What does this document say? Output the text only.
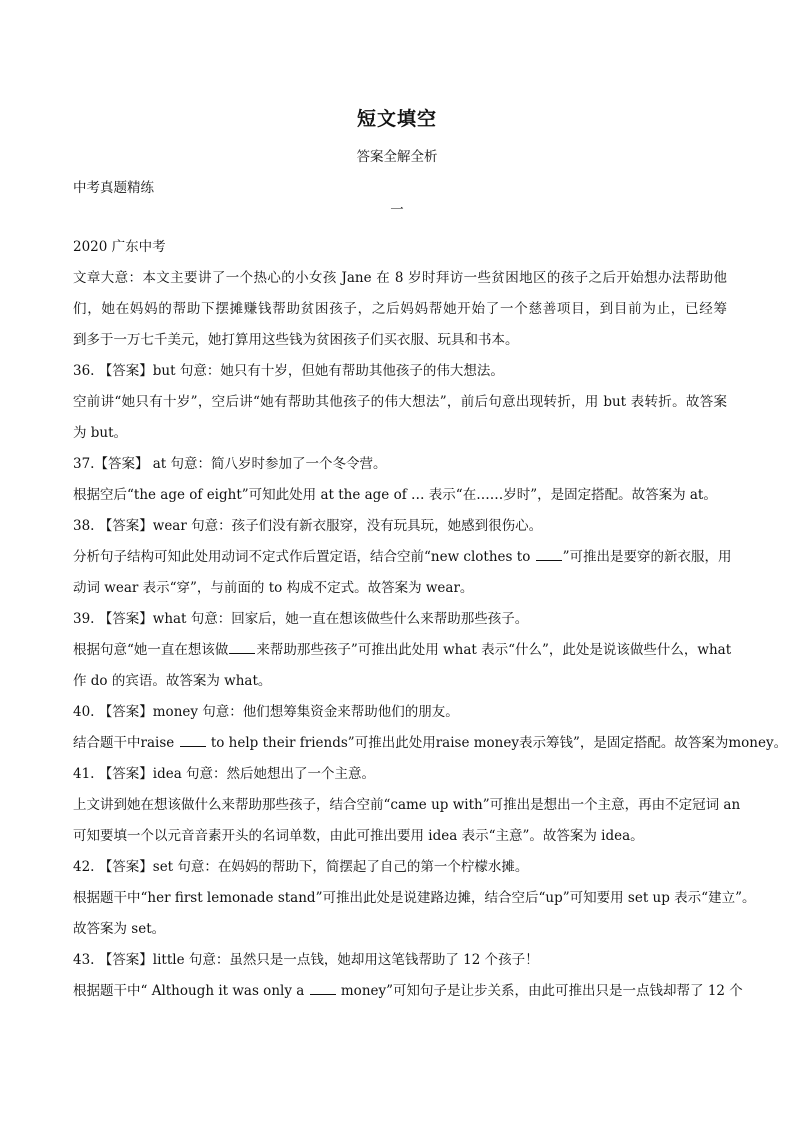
短文填空
答案全解全析
中考真题精练
一
2020 广东中考
文章大意：本文主要讲了一个热心的小女孩 Jane 在 8 岁时拜访一些贫困地区的孩子之后开始想办法帮助他
们，她在妈妈的帮助下摆摊赚钱帮助贫困孩子，之后妈妈帮她开始了一个慈善项目，到目前为止，已经筹
到多于一万七千美元，她打算用这些钱为贫困孩子们买衣服、玩具和书本。
36. 【答案】but 句意：她只有十岁，但她有帮助其他孩子的伟大想法。
空前讲“她只有十岁”，空后讲“她有帮助其他孩子的伟大想法”，前后句意出现转折，用 but 表转折。故答案
为 but。
37.【答案】 at 句意：简八岁时参加了一个冬令营。
根据空后“the age of eight”可知此处用 at the age of … 表示“在……岁时”，是固定搭配。故答案为 at。
38. 【答案】wear 句意：孩子们没有新衣服穿，没有玩具玩，她感到很伤心。
分析句子结构可知此处用动词不定式作后置定语，结合空前“new clothes to ”可推出是要穿的新衣服，用
动词 wear 表示“穿”，与前面的 to 构成不定式。故答案为 wear。
39. 【答案】what 句意：回家后，她一直在想该做些什么来帮助那些孩子。
根据句意“她一直在想该做 来帮助那些孩子”可推出此处用 what 表示“什么”，此处是说该做些什么，what
作 do 的宾语。故答案为 what。
40. 【答案】money 句意：他们想筹集资金来帮助他们的朋友。
结合题干中raise  to help their friends”可推出此处用raise money表示筹钱”，是固定搭配。故答案为money。
41. 【答案】idea 句意：然后她想出了一个主意。
上文讲到她在想该做什么来帮助那些孩子，结合空前“came up with”可推出是想出一个主意，再由不定冠词 an
可知要填一个以元音音素开头的名词单数，由此可推出要用 idea 表示“主意”。故答案为 idea。
42. 【答案】set 句意：在妈妈的帮助下，简摆起了自己的第一个柠檬水摊。
根据题干中“her first lemonade stand”可推出此处是说建路边摊，结合空后“up”可知要用 set up 表示“建立”。
故答案为 set。
43. 【答案】little 句意：虽然只是一点钱，她却用这笔钱帮助了 12 个孩子！
根据题干中“ Although it was only a  money”可知句子是让步关系，由此可推出只是一点钱却帮了 12 个
